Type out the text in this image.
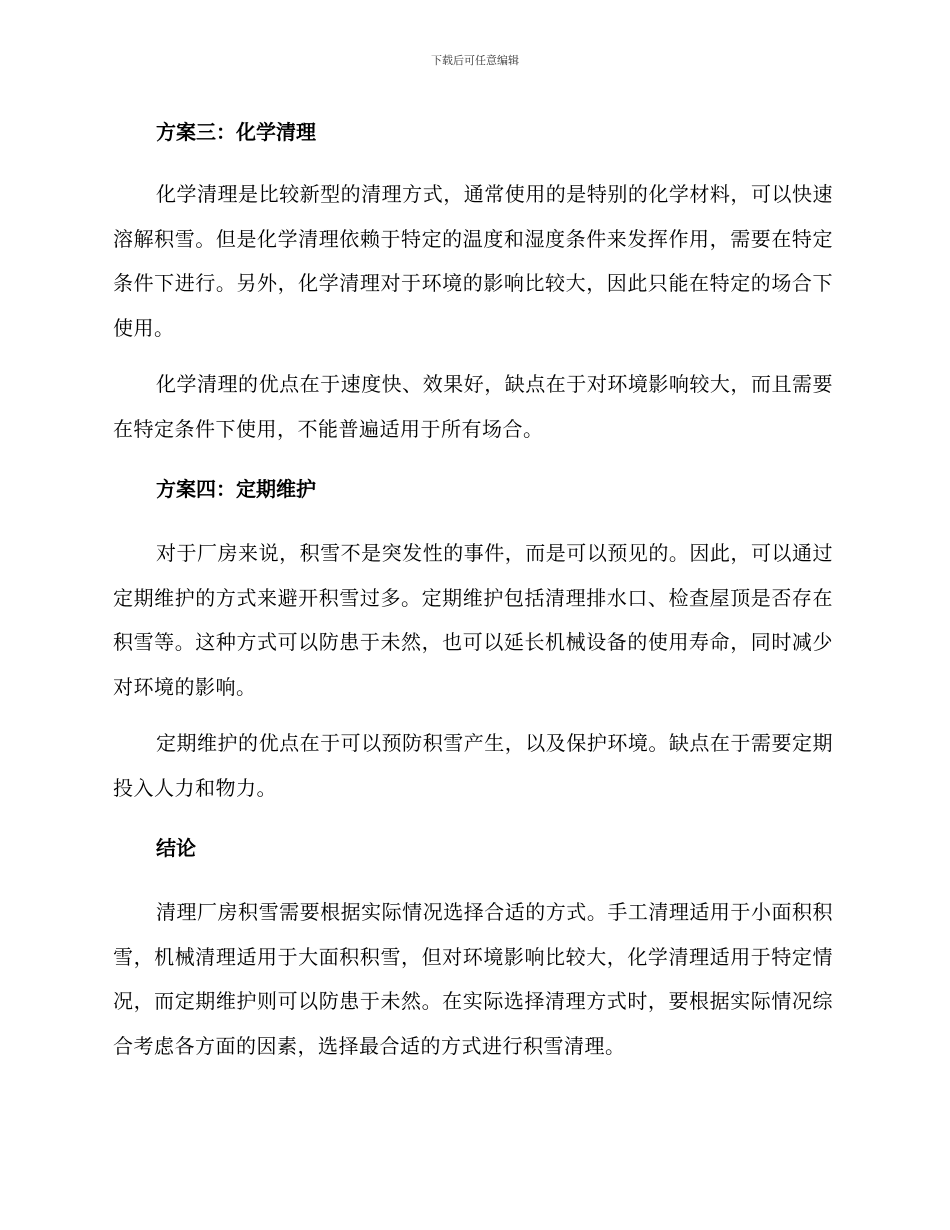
下载后可任意编辑
方案三：化学清理

化学清理是比较新型的清理方式，通常使用的是特别的化学材料，可以快速溶解积雪。但是化学清理依赖于特定的温度和湿度条件来发挥作用，需要在特定条件下进行。另外，化学清理对于环境的影响比较大，因此只能在特定的场合下使用。

化学清理的优点在于速度快、效果好，缺点在于对环境影响较大，而且需要在特定条件下使用，不能普遍适用于所有场合。

方案四：定期维护

对于厂房来说，积雪不是突发性的事件，而是可以预见的。因此，可以通过定期维护的方式来避开积雪过多。定期维护包括清理排水口、检查屋顶是否存在积雪等。这种方式可以防患于未然，也可以延长机械设备的使用寿命，同时减少对环境的影响。

定期维护的优点在于可以预防积雪产生，以及保护环境。缺点在于需要定期投入人力和物力。

结论

清理厂房积雪需要根据实际情况选择合适的方式。手工清理适用于小面积积雪，机械清理适用于大面积积雪，但对环境影响比较大，化学清理适用于特定情况，而定期维护则可以防患于未然。在实际选择清理方式时，要根据实际情况综合考虑各方面的因素，选择最合适的方式进行积雪清理。
